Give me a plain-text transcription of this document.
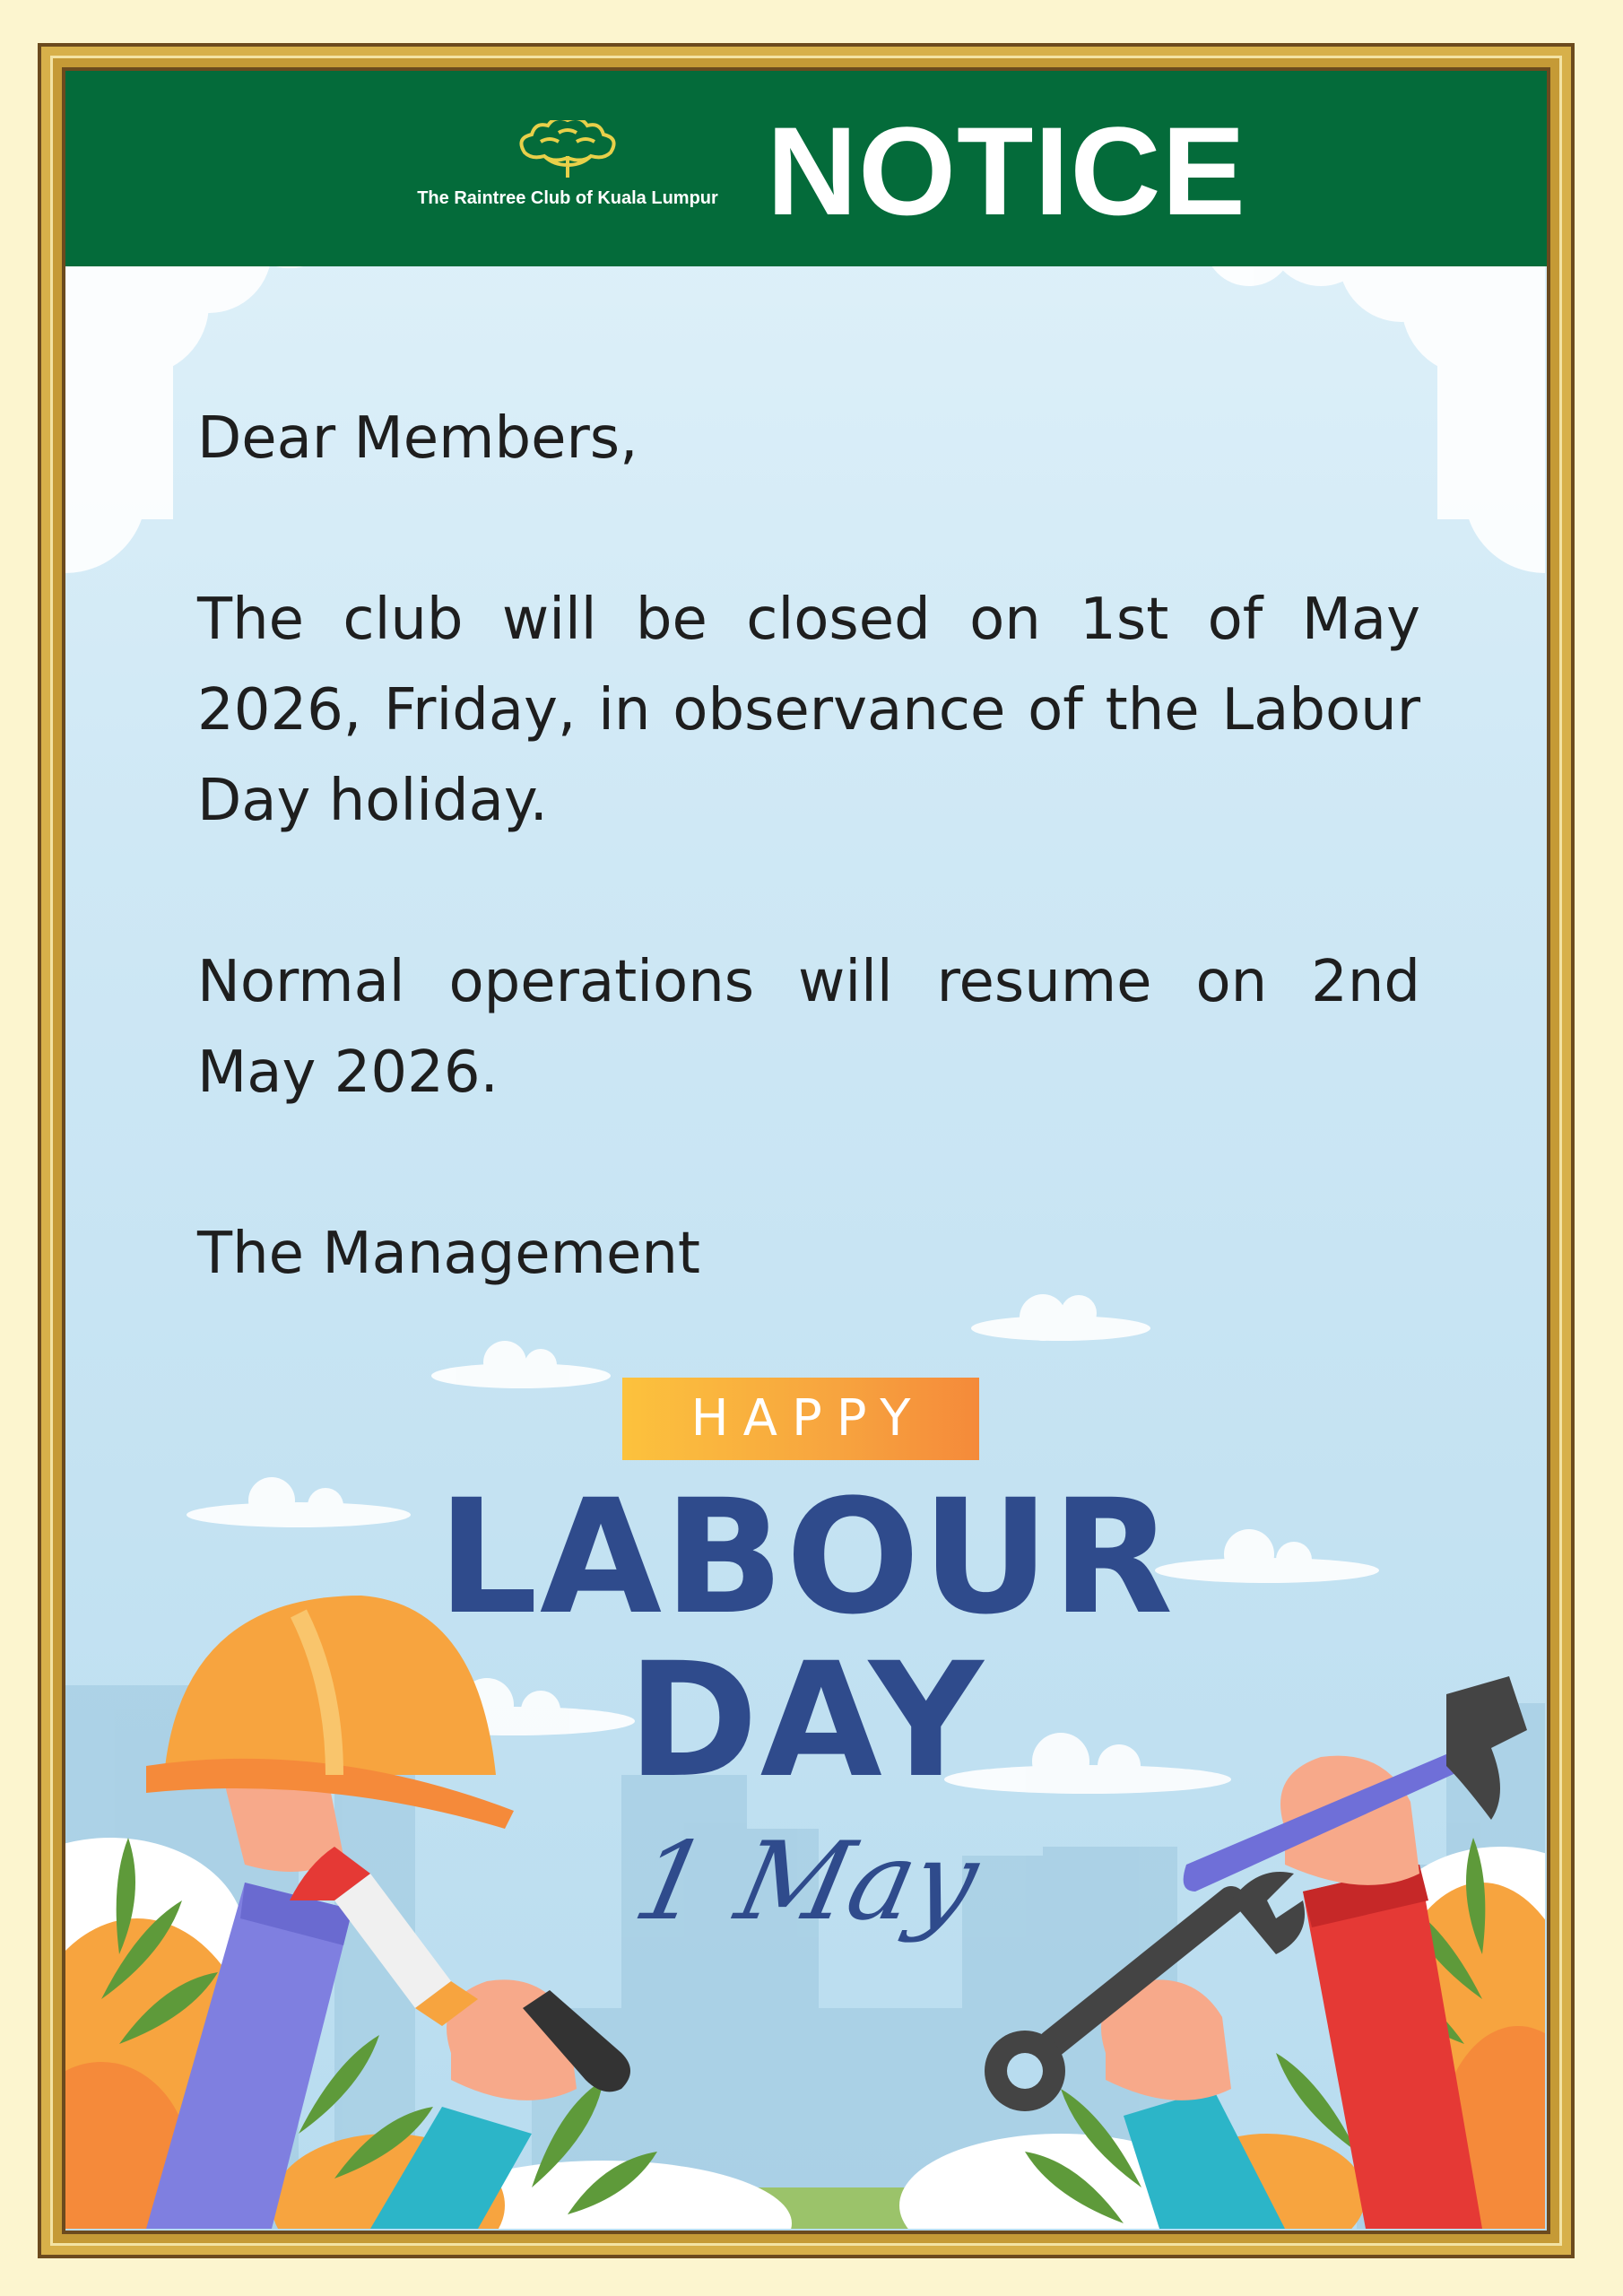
The Raintree Club of Kuala Lumpur NOTICE

Dear Members,

The club will be closed on 1st of May 2026, Friday, in observance of the Labour Day holiday.

Normal operations will resume on 2nd May 2026.

The Management

HAPPY
LABOUR
DAY
1 May
